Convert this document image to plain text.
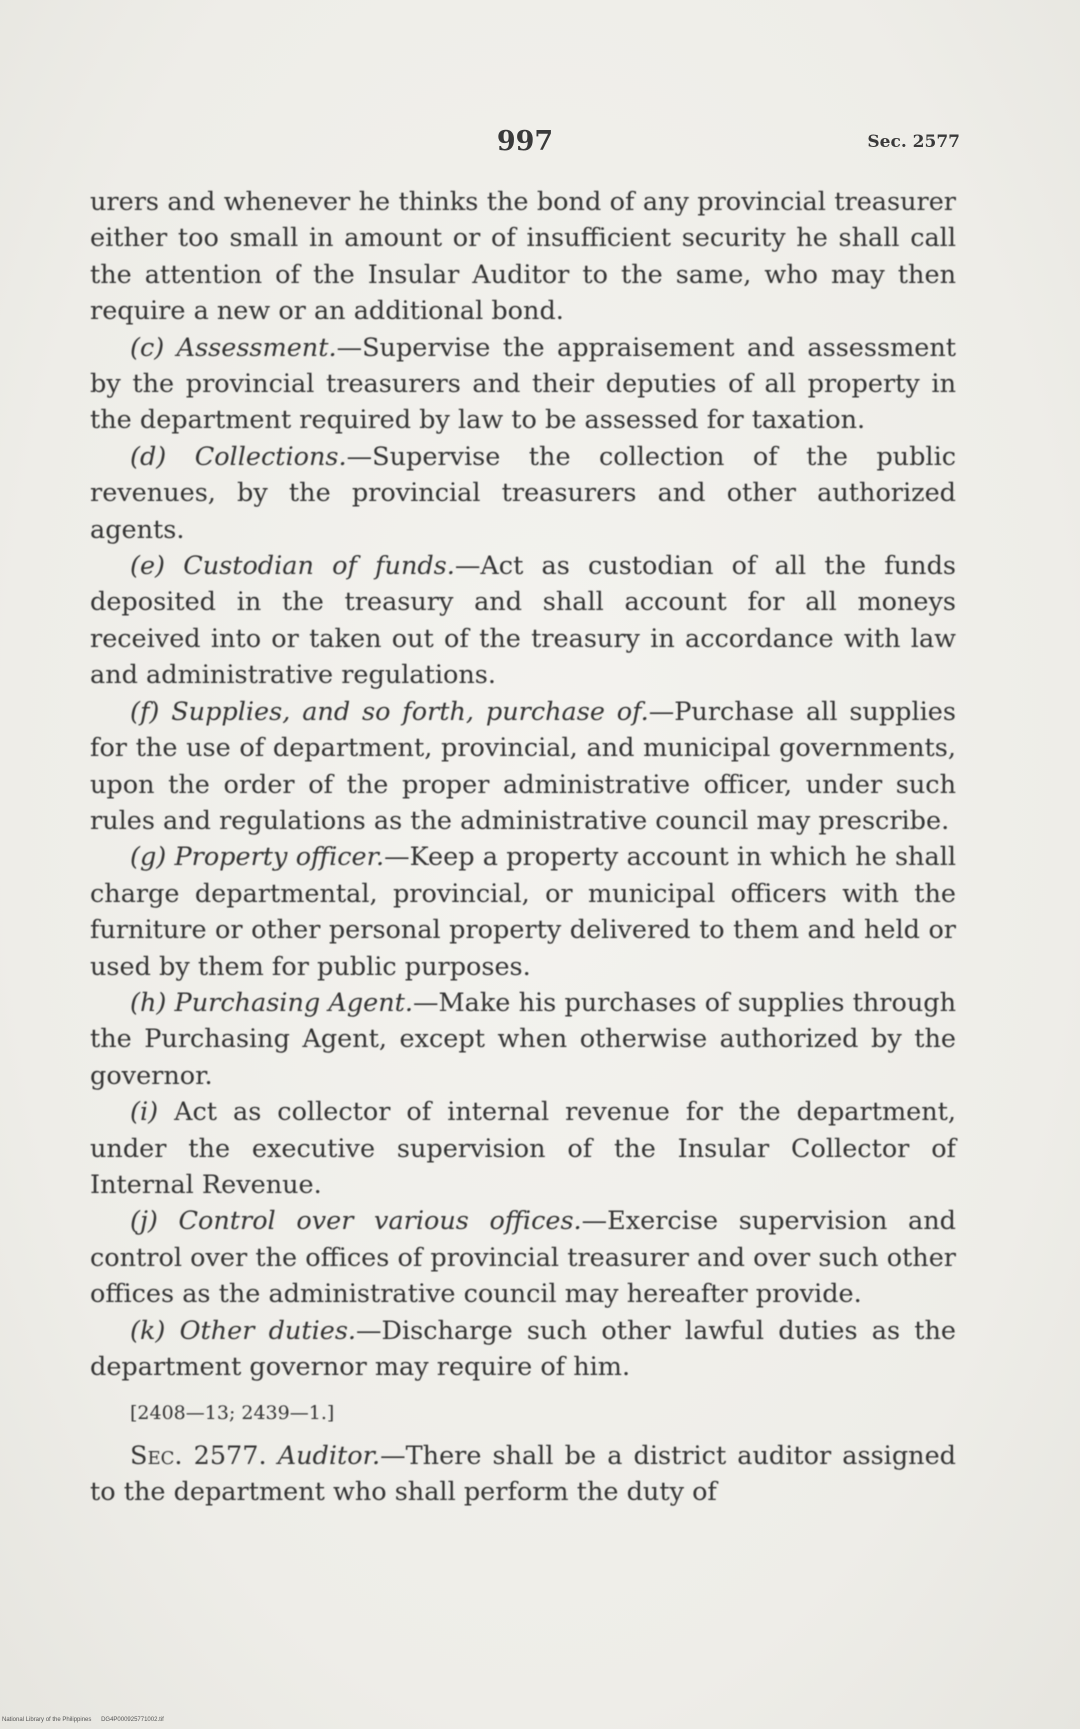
997	Sec. 2577

urers and whenever he thinks the bond of any provincial treasurer either too small in amount or of insufficient security he shall call the attention of the Insular Auditor to the same, who may then require a new or an additional bond.

(c) Assessment.—Supervise the appraisement and assessment by the provincial treasurers and their deputies of all property in the department required by law to be assessed for taxation.

(d) Collections.—Supervise the collection of the public revenues, by the provincial treasurers and other authorized agents.

(e) Custodian of funds.—Act as custodian of all the funds deposited in the treasury and shall account for all moneys received into or taken out of the treasury in accordance with law and administrative regulations.

(f) Supplies, and so forth, purchase of.—Purchase all supplies for the use of department, provincial, and municipal governments, upon the order of the proper administrative officer, under such rules and regulations as the administrative council may prescribe.

(g) Property officer.—Keep a property account in which he shall charge departmental, provincial, or municipal officers with the furniture or other personal property delivered to them and held or used by them for public purposes.

(h) Purchasing Agent.—Make his purchases of supplies through the Purchasing Agent, except when otherwise authorized by the governor.

(i) Act as collector of internal revenue for the department, under the executive supervision of the Insular Collector of Internal Revenue.

(j) Control over various offices.—Exercise supervision and control over the offices of provincial treasurer and over such other offices as the administrative council may hereafter provide.

(k) Other duties.—Discharge such other lawful duties as the department governor may require of him.

[2408—13; 2439—1.]

Sec. 2577. Auditor.—There shall be a district auditor assigned to the department who shall perform the duty of

National Library of the Philippines DG4P000925771002.tif
